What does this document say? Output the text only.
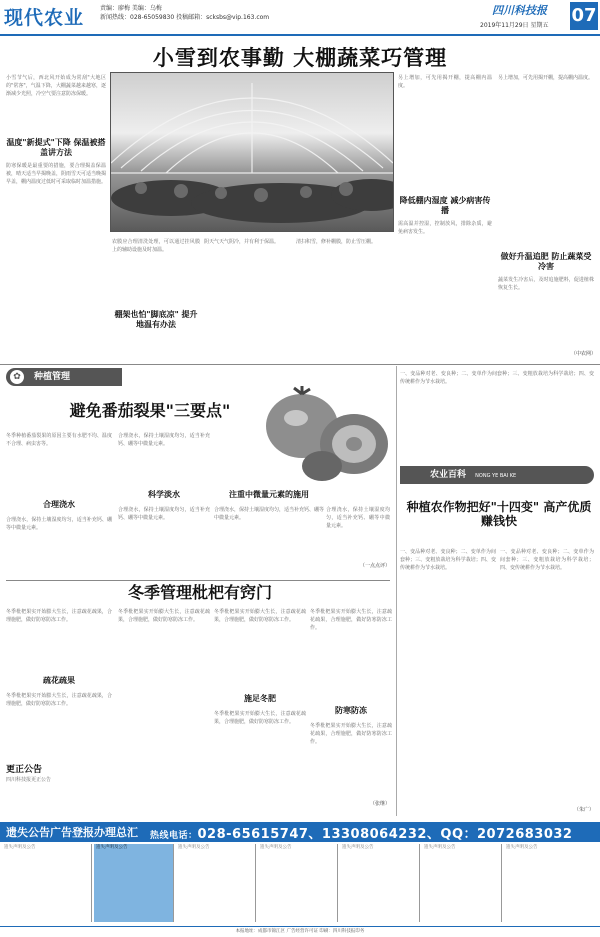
现代农业	责编：廖梅 美编：乌梅
新闻热线：028-65059830 投稿邮箱：scksbs@vip.163.com
四川科技报
2019年11月29日 星期五 07
小雪到农事勤 大棚蔬菜巧管理
小雪节气后，西北风开始成为常刮"大地区的"常客"，气温下降，大棚蔬菜越来越寒，逐渐减少光照，冷空气要注意防冻保暖。
温度"新提式"下降 保温被搭盖讲方法
防寒保暖是最重要的措施，要合理揭盖保温被，晴天适当早揭晚盖，阴雨雪天可适当晚揭早盖，棚内温度过低时可采取临时加温措施。
农膜应合理清洗处理，可以通过挂风膜上的辅助设施及时加温。
棚架也怕"脚底凉" 提升地温有办法
阴天气天气阴冷，并有利于保温。	清扫积雪，修补棚膜，防止雪压棚。
另上增加，可先用揭开棚，提高棚内温度。
降低棚内湿度 减少病害传播
需高温并控湿，控制放风，排除杂质，避免病害发生。
另上增加，可先用揭开棚，提高棚内温度。
做好升温追肥 防止蔬菜受冷害
蔬菜发生冷害后，及时追施肥料，促进植株恢复生长。
（中农网）
✿	种植管理
避免番茄裂果"三要点"
冬季种植番茄裂果的原因主要有水肥不均、温度不合理、病虫害等。
合理浇水
合理浇水，保持土壤湿度均匀，适当补充钙、硼等中微量元素。
科学淡水
合理浇水，保持土壤湿度均匀，适当补充钙、硼等中微量元素。
合理浇水，保持土壤湿度均匀，适当补充钙、硼等中微量元素。
注重中微量元素的施用
合理浇水，保持土壤湿度均匀，适当补充钙、硼等中微量元素。
合理浇水，保持土壤湿度均匀，适当补充钙、硼等中微量元素。
（一点点评）
冬季管理枇杷有窍门
冬季枇杷果实开始膨大生长，注意疏花疏果，合理施肥，做好防寒防冻工作。
疏花疏果
冬季枇杷果实开始膨大生长，注意疏花疏果，合理施肥，做好防寒防冻工作。
冬季枇杷果实开始膨大生长，注意疏花疏果，合理施肥，做好防寒防冻工作。
冬季枇杷果实开始膨大生长，注意疏花疏果，合理施肥，做好防寒防冻工作。
施足冬肥
冬季枇杷果实开始膨大生长，注意疏花疏果，合理施肥，做好防寒防冻工作。
冬季枇杷果实开始膨大生长，注意疏花疏果，合理施肥，做好防寒防冻工作。
防寒防冻
冬季枇杷果实开始膨大生长，注意疏花疏果，合理施肥，做好防寒防冻工作。
（张继）
更正公告
四川科技报更正公告
农业百科 NONG YE BAI KE
一、变品种对老、变良种；二、变单作为间套种；三、变粗放栽培为科学栽培；四、变传统耕作为节水栽培。
种植农作物把好"十四变" 高产优质赚钱快
一、变品种对老、变良种；二、变单作为间套种；三、变粗放栽培为科学栽培；四、变传统耕作为节水栽培。
一、变品种对老、变良种；二、变单作为间套种；三、变粗放栽培为科学栽培；四、变传统耕作为节水栽培。
（朱广）
遗失公告广告登报办理总汇 热线电话：028-65615747、13308064232、QQ：2072683032
遗失声明及公告	遗失声明及公告	遗失声明及公告	遗失声明及公告	遗失声明及公告	遗失声明及公告	遗失声明及公告
本报地址：成都市锦江区 广告经营许可证 印刷：四川科技报印务
